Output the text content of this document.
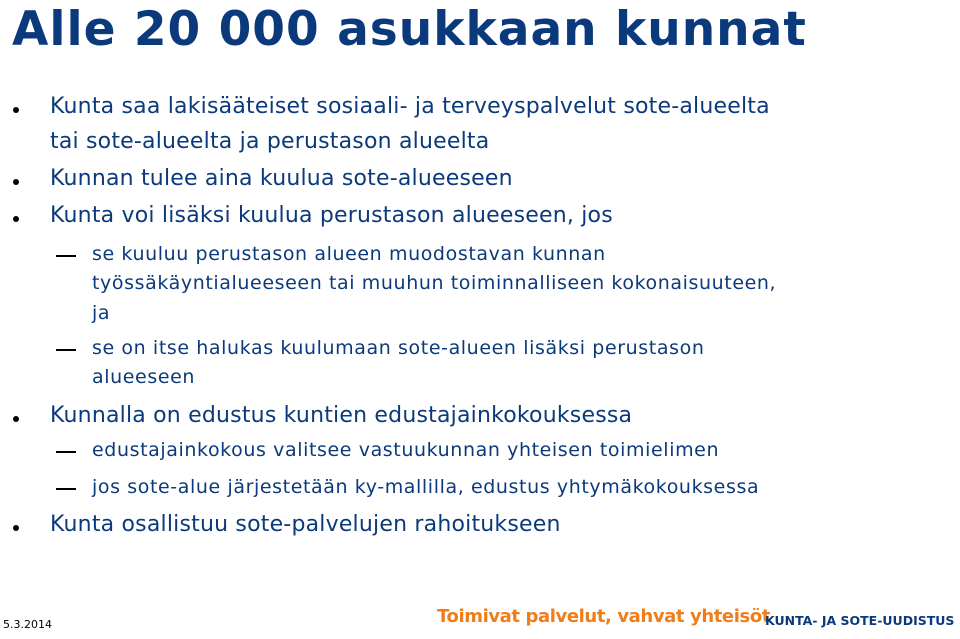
Alle 20 000 asukkaan kunnat
Kunta saa lakisääteiset sosiaali- ja terveyspalvelut sote-alueelta
tai sote-alueelta ja perustason alueelta
Kunnan tulee aina kuulua sote-alueeseen
Kunta voi lisäksi kuulua perustason alueeseen, jos
se kuuluu perustason alueen muodostavan kunnan
työssäkäyntialueeseen tai muuhun toiminnalliseen kokonaisuuteen,
ja
se on itse halukas kuulumaan sote-alueen lisäksi perustason
alueeseen
Kunnalla on edustus kuntien edustajainkokouksessa
edustajainkokous valitsee vastuukunnan yhteisen toimielimen
jos sote-alue järjestetään ky-mallilla, edustus yhtymäkokouksessa
Kunta osallistuu sote-palvelujen rahoitukseen
5.3.2014	Toimivat palvelut, vahvat yhteisöt
KUNTA- JA SOTE-UUDISTUS
